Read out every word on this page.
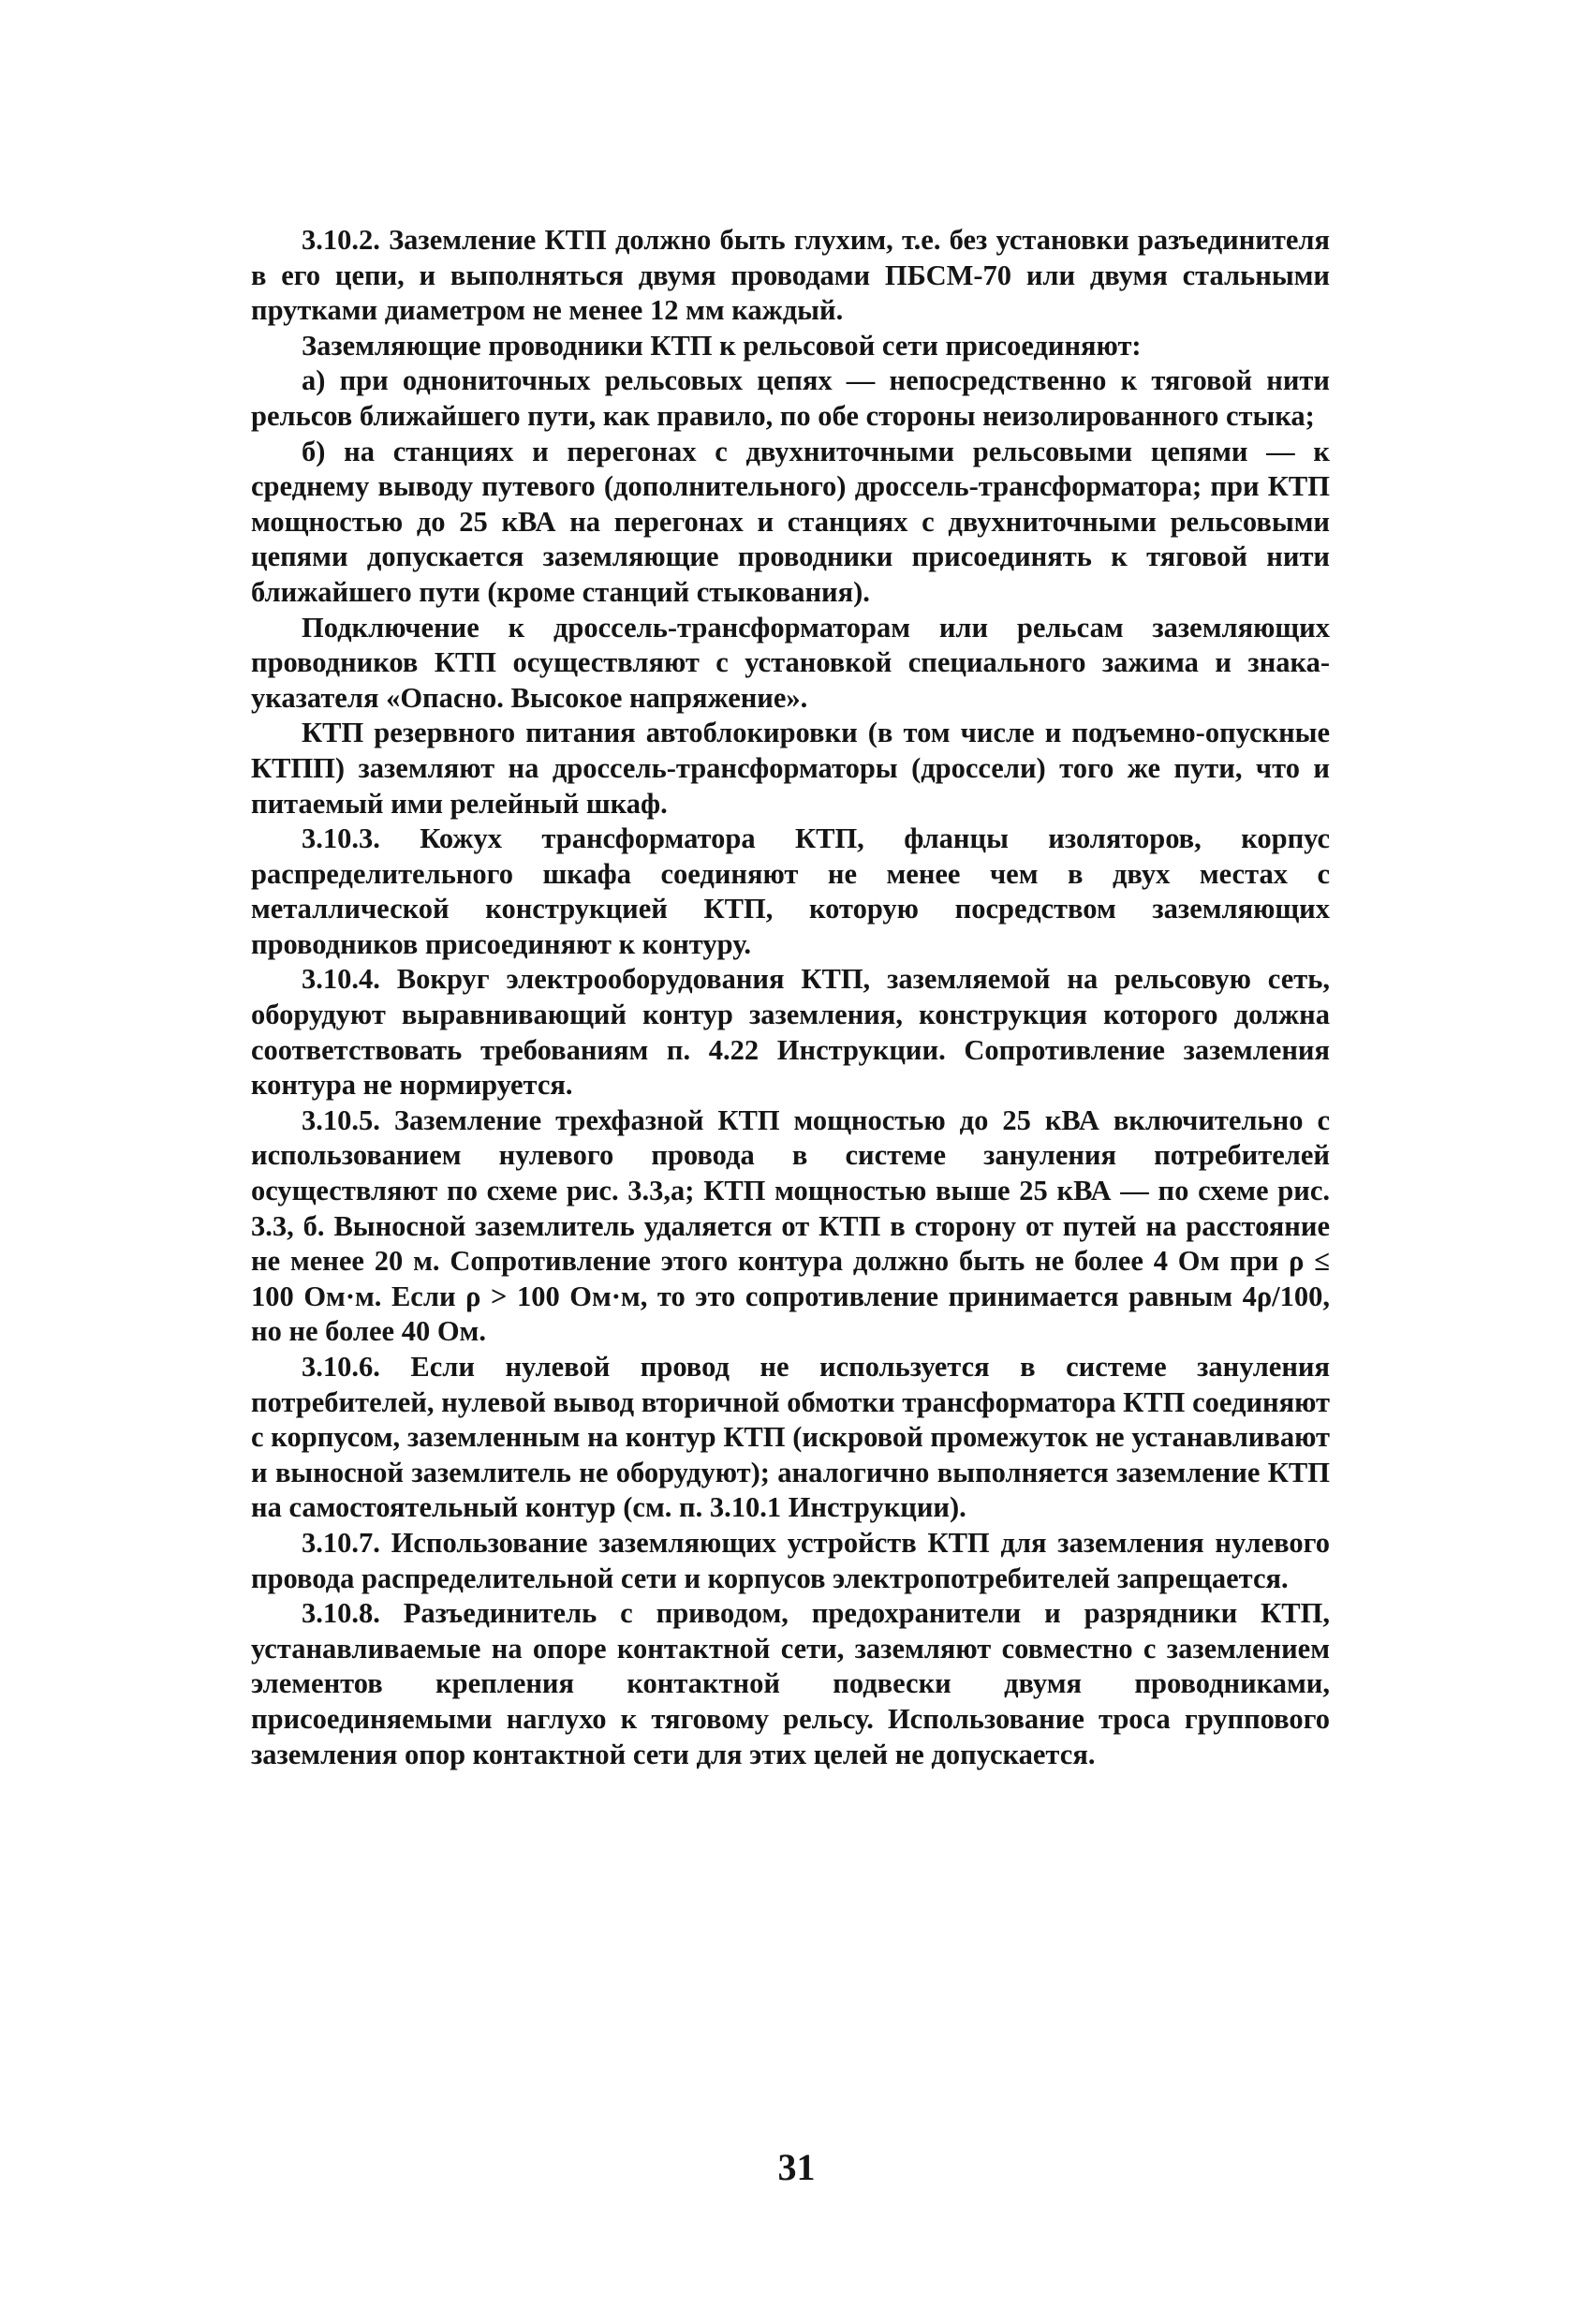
3.10.2. Заземление КТП должно быть глухим, т.е. без установки разъединителя в его цепи, и выполняться двумя проводами ПБСМ-70 или двумя стальными прутками диаметром не менее 12 мм каждый.

Заземляющие проводники КТП к рельсовой сети присоединяют:

а) при однониточных рельсовых цепях — непосредственно к тяговой нити рельсов ближайшего пути, как правило, по обе стороны неизолированного стыка;

б) на станциях и перегонах с двухниточными рельсовыми цепями — к среднему выводу путевого (дополнительного) дроссель-трансформатора; при КТП мощностью до 25 кВА на перегонах и станциях с двухниточными рельсовыми цепями допускается заземляющие проводники присоединять к тяговой нити ближайшего пути (кроме станций стыкования).

Подключение к дроссель-трансформаторам или рельсам заземляющих проводников КТП осуществляют с установкой специального зажима и знака-указателя «Опасно. Высокое напряжение».

КТП резервного питания автоблокировки (в том числе и подъемно-опускные КТПП) заземляют на дроссель-трансформаторы (дроссели) того же пути, что и питаемый ими релейный шкаф.

3.10.3. Кожух трансформатора КТП, фланцы изоляторов, корпус распределительного шкафа соединяют не менее чем в двух местах с металлической конструкцией КТП, которую посредством заземляющих проводников присоединяют к контуру.

3.10.4. Вокруг электрооборудования КТП, заземляемой на рельсовую сеть, оборудуют выравнивающий контур заземления, конструкция которого должна соответствовать требованиям п. 4.22 Инструкции. Сопротивление заземления контура не нормируется.

3.10.5. Заземление трехфазной КТП мощностью до 25 кВА включительно с использованием нулевого провода в системе зануления потребителей осуществляют по схеме рис. 3.3,а; КТП мощностью выше 25 кВА — по схеме рис. 3.3, б. Выносной заземлитель удаляется от КТП в сторону от путей на расстояние не менее 20 м. Сопротивление этого контура должно быть не более 4 Ом при ρ ≤ 100 Ом·м. Если ρ > 100 Ом·м, то это сопротивление принимается равным 4ρ/100, но не более 40 Ом.

3.10.6. Если нулевой провод не используется в системе зануления потребителей, нулевой вывод вторичной обмотки трансформатора КТП соединяют с корпусом, заземленным на контур КТП (искровой промежуток не устанавливают и выносной заземлитель не оборудуют); аналогично выполняется заземление КТП на самостоятельный контур (см. п. 3.10.1 Инструкции).

3.10.7. Использование заземляющих устройств КТП для заземления нулевого провода распределительной сети и корпусов электропотребителей запрещается.

3.10.8. Разъединитель с приводом, предохранители и разрядники КТП, устанавливаемые на опоре контактной сети, заземляют совместно с заземлением элементов крепления контактной подвески двумя проводниками, присоединяемыми наглухо к тяговому рельсу. Использование троса группового заземления опор контактной сети для этих целей не допускается.

31
